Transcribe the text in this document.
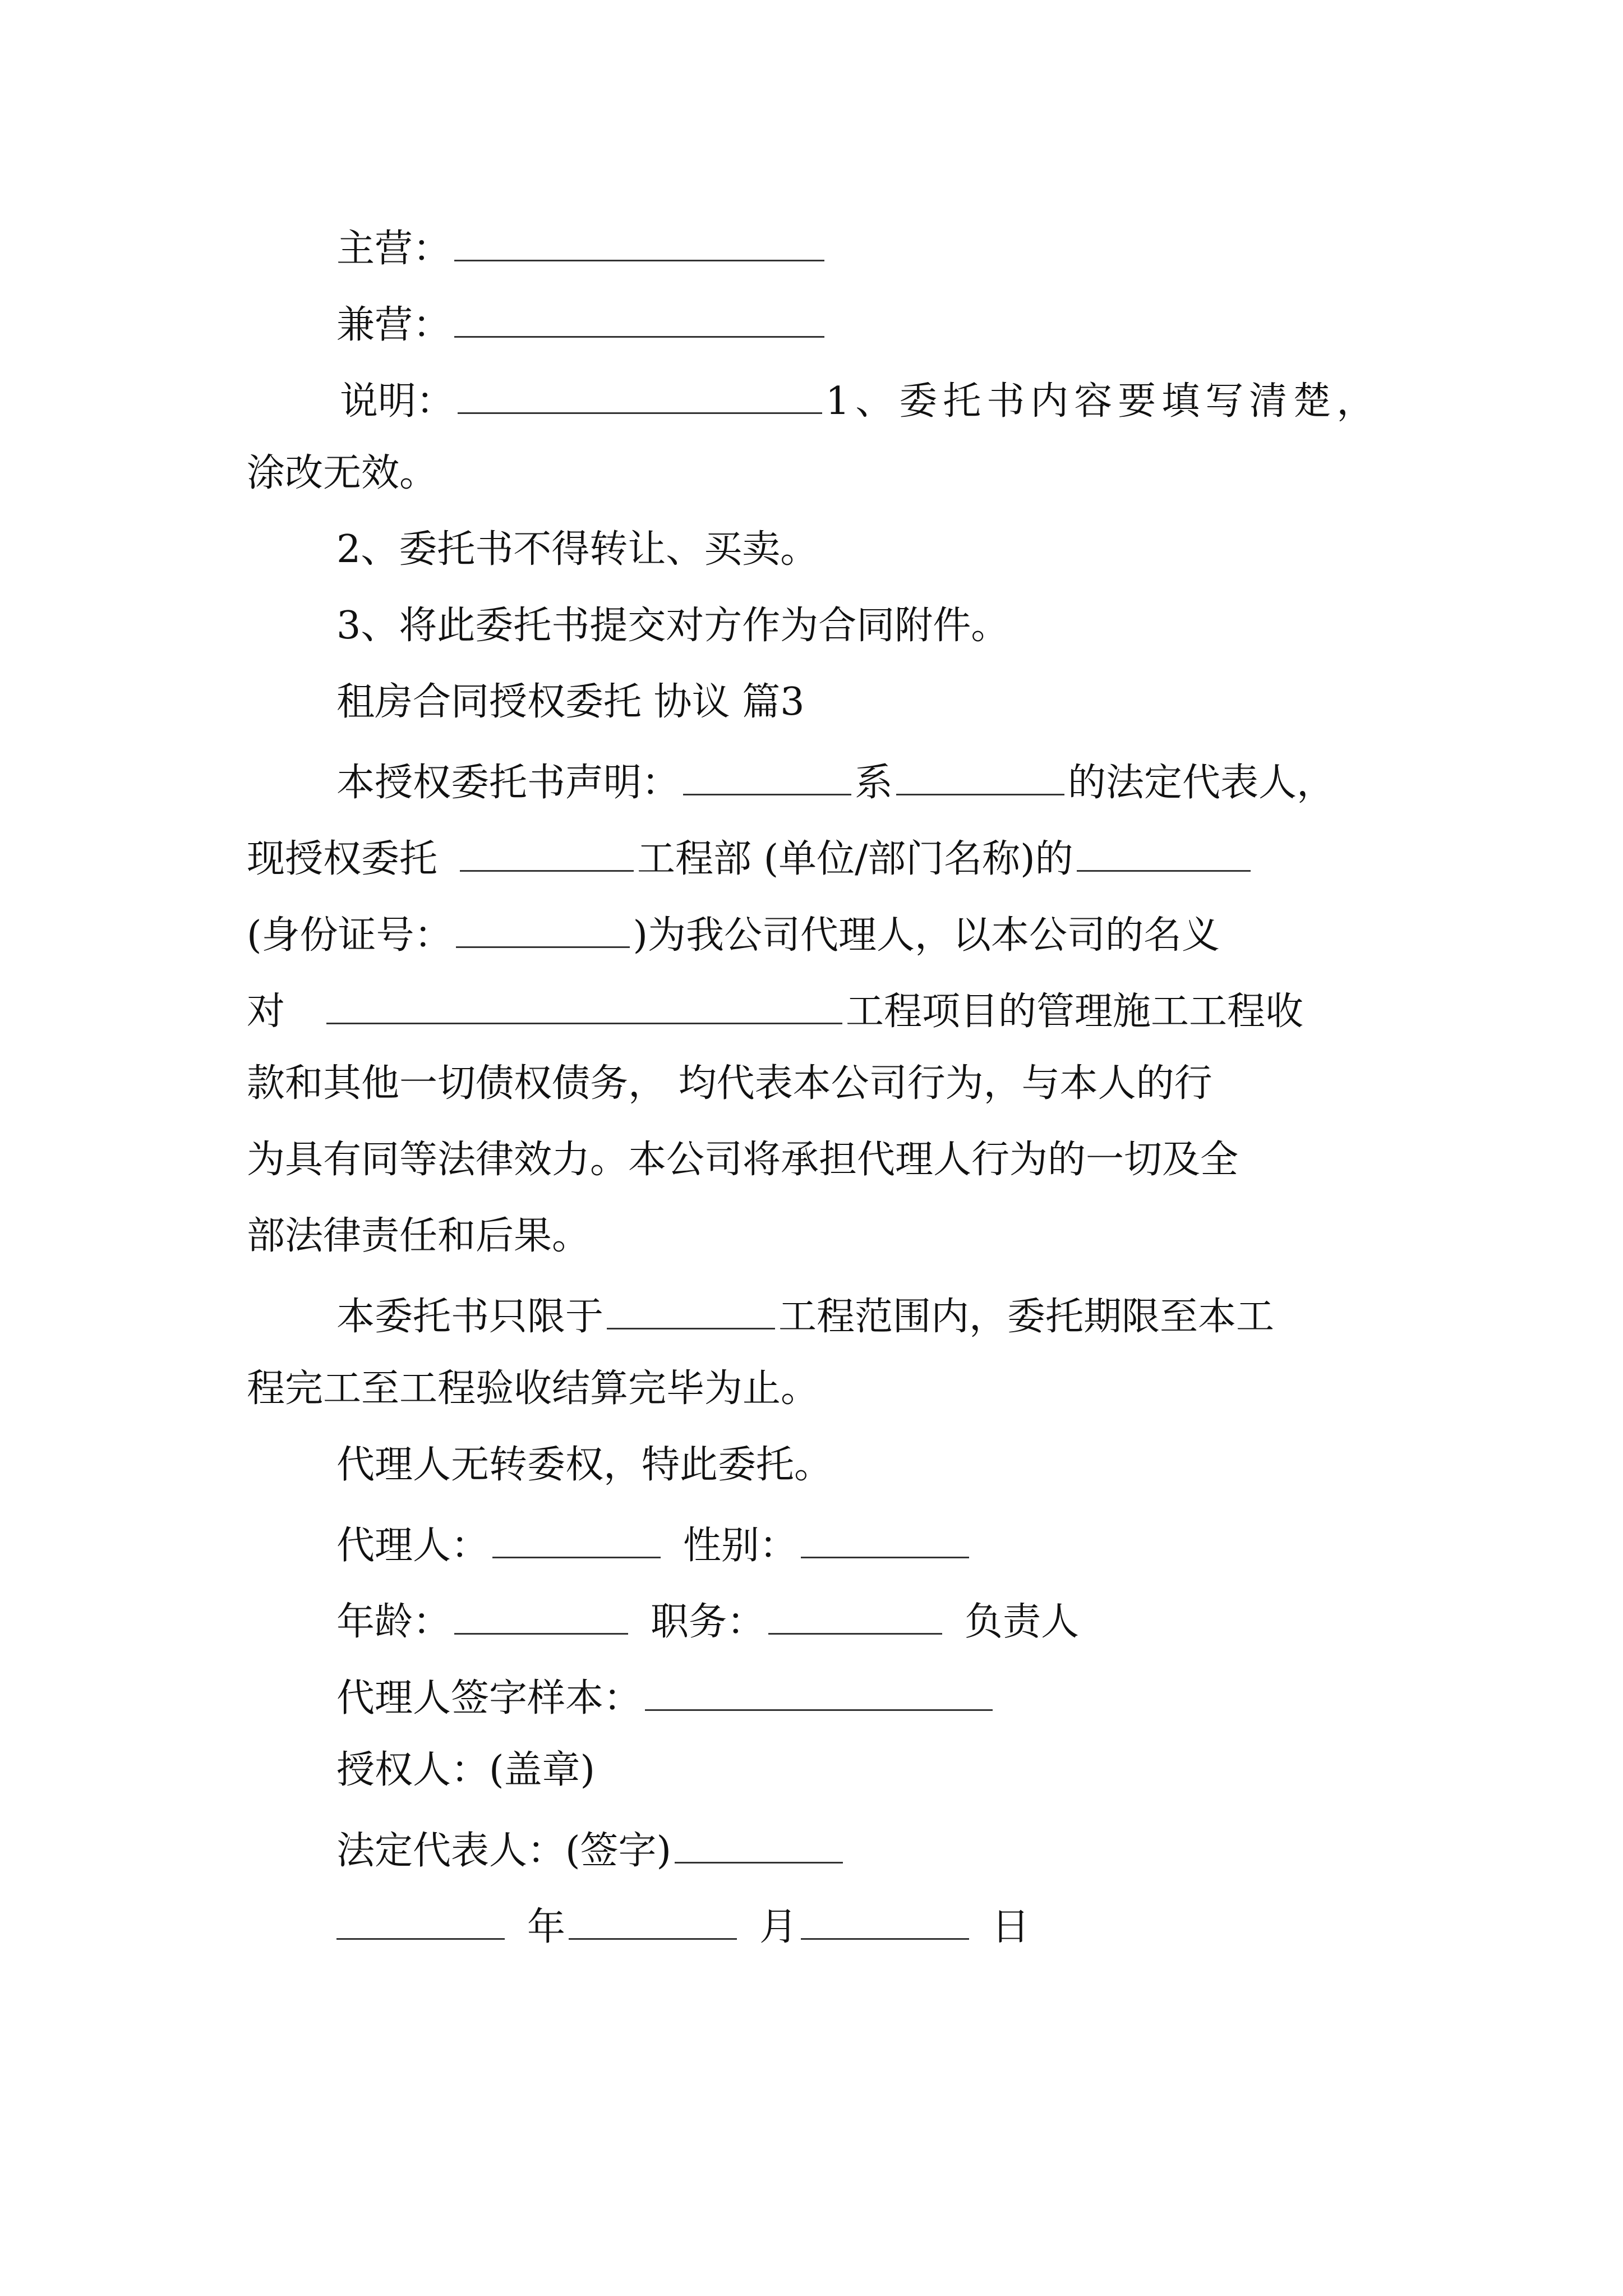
主营：
兼营：
说明：	1、委托书内容要填写清楚，
涂改无效。
2、委托书不得转让、买卖。
3、将此委托书提交对方作为合同附件。
租房合同授权委托 协议 篇3
本授权委托书声明：	系	的法定代表人，
现授权委托	工程部 (单位/部门名称)的
(身份证号：	)为我公司代理人，以本公司的名义
对	工程项目的管理施工工程收
款和其他一切债权债务， 均代表本公司行为，与本人的行
为具有同等法律效力。本公司将承担代理人行为的一切及全
部法律责任和后果。
本委托书只限于	工程范围内，委托期限至本工
程完工至工程验收结算完毕为止。
代理人无转委权，特此委托。
代理人：	性别：
年龄：	职务：	负责人
代理人签字样本：
授权人：(盖章)
法定代表人：(签字)
年	月	日
